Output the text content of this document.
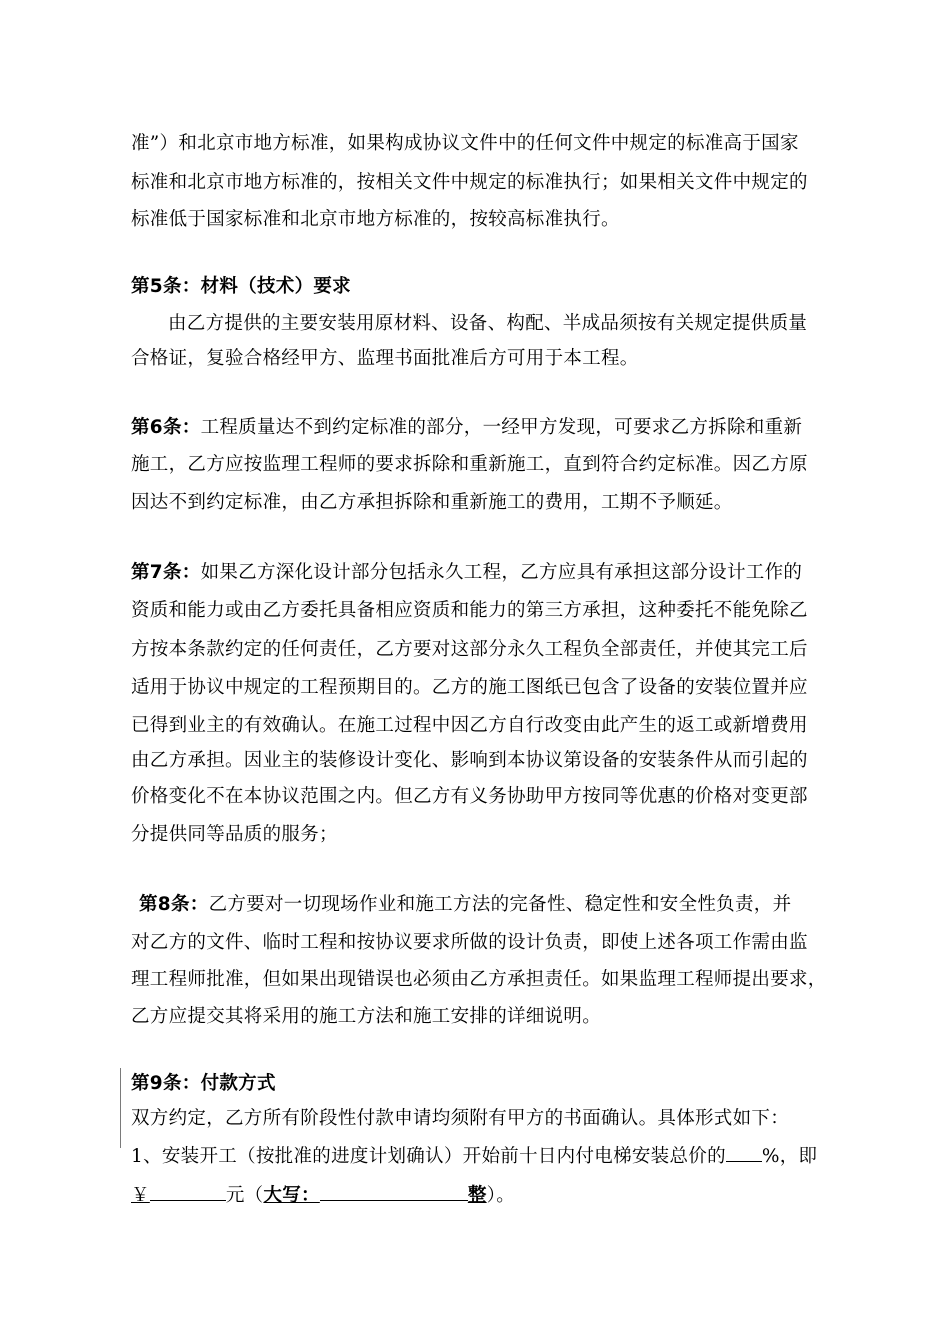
准”）和北京市地方标准，如果构成协议文件中的任何文件中规定的标准高于国家
标准和北京市地方标准的，按相关文件中规定的标准执行；如果相关文件中规定的
标准低于国家标准和北京市地方标准的，按较高标准执行。
第5条：材料（技术）要求
由乙方提供的主要安装用原材料、设备、构配、半成品须按有关规定提供质量
合格证，复验合格经甲方、监理书面批准后方可用于本工程。
第6条：工程质量达不到约定标准的部分，一经甲方发现，可要求乙方拆除和重新
施工，乙方应按监理工程师的要求拆除和重新施工，直到符合约定标准。因乙方原
因达不到约定标准，由乙方承担拆除和重新施工的费用，工期不予顺延。
第7条：如果乙方深化设计部分包括永久工程，乙方应具有承担这部分设计工作的
资质和能力或由乙方委托具备相应资质和能力的第三方承担，这种委托不能免除乙
方按本条款约定的任何责任，乙方要对这部分永久工程负全部责任，并使其完工后
适用于协议中规定的工程预期目的。乙方的施工图纸已包含了设备的安装位置并应
已得到业主的有效确认。在施工过程中因乙方自行改变由此产生的返工或新增费用
由乙方承担。因业主的装修设计变化、影响到本协议第设备的安装条件从而引起的
价格变化不在本协议范围之内。但乙方有义务协助甲方按同等优惠的价格对变更部
分提供同等品质的服务；
第8条：乙方要对一切现场作业和施工方法的完备性、稳定性和安全性负责，并
对乙方的文件、临时工程和按协议要求所做的设计负责，即使上述各项工作需由监
理工程师批准，但如果出现错误也必须由乙方承担责任。如果监理工程师提出要求，
乙方应提交其将采用的施工方法和施工安排的详细说明。
第9条：付款方式
双方约定，乙方所有阶段性付款申请均须附有甲方的书面确认。具体形式如下：
1、安装开工（按批准的进度计划确认）开始前十日内付电梯安装总价的 %，即
￥	元（大写：	整）。
